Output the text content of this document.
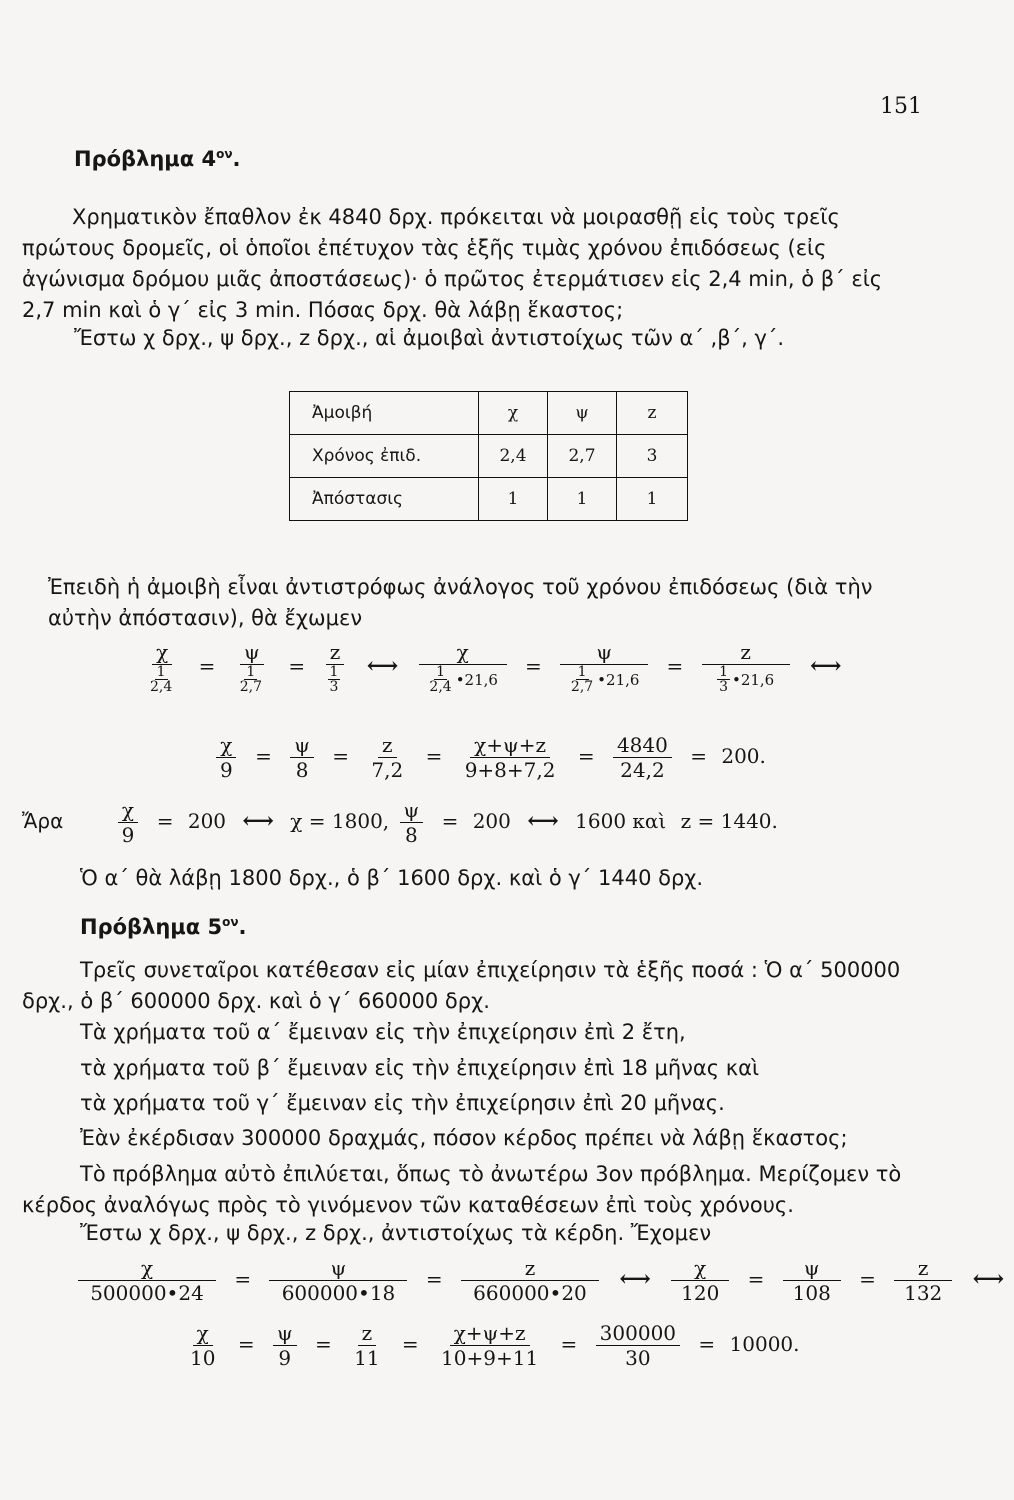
151
Πρόβλημα $4^{o\nu}$.

Χρηματικὸν ἔπαθλον ἐκ 4840 δρχ. πρόκειται νὰ μοιρασθῇ εἰς τοὺς τρεῖς πρώτους δρομεῖς, οἱ ὁποῖοι ἐπέτυχον τὰς ἑξῆς τιμὰς χρόνου ἐπιδόσεως (εἰς ἀγώνισμα δρόμου μιᾶς ἀποστάσεως)· ὁ πρῶτος ἐτερμάτισεν εἰς 2,4 min, ὁ β΄ εἰς 2,7 min καὶ ὁ γ΄ εἰς 3 min. Πόσας δρχ. θὰ λάβῃ ἕκαστος;

Ἔστω χ δρχ., ψ δρχ., z δρχ., αἱ ἀμοιβαὶ ἀντιστοίχως τῶν α΄ ,β΄, γ΄.
Ἀμοιβή	χ	ψ	z
Χρόνος ἐπιδ.	2,4	2,7	3
Ἀπόστασις	1	1	1

Ἐπειδὴ ἡ ἀμοιβὴ εἶναι ἀντιστρόφως ἀνάλογος τοῦ χρόνου ἐπιδόσεως (διὰ τὴν αὐτὴν ἀπόστασιν), θὰ ἔχωμεν

$\frac{\chi}{\frac{1}{2,4}} = \frac{\psi}{\frac{1}{2,7}} = \frac{z}{\frac{1}{3}}$ ⟷ $\frac{\chi}{\frac{1}{2,4} •21,6} = \frac{\psi}{\frac{1}{2,7} •21,6} = \frac{z}{\frac{1}{3} •21,6}$ ⟷
$\frac{\chi}{9} = \frac{\psi}{8} = \frac{z}{7,2} = \frac{\chi+\psi+z}{9+8+7,2} = \frac{4840}{24,2} = 200$.
Ἄρα	$\frac{\chi}{9} = 200$ ⟷ χ = 1800, $\frac{\psi}{8} = 200$ ⟷ 1600 καὶ z = 1440.
Ὁ α΄ θὰ λάβῃ 1800 δρχ., ὁ β΄ 1600 δρχ. καὶ ὁ γ΄ 1440 δρχ.
Πρόβλημα $5^{o\nu}$.

Τρεῖς συνεταῖροι κατέθεσαν εἰς μίαν ἐπιχείρησιν τὰ ἑξῆς ποσά : Ὁ α΄ 500000 δρχ., ὁ β΄ 600000 δρχ. καὶ ὁ γ΄ 660000 δρχ.

Τὰ χρήματα τοῦ α΄ ἔμειναν εἰς τὴν ἐπιχείρησιν ἐπὶ 2 ἔτη,
τὰ χρήματα τοῦ β΄ ἔμειναν εἰς τὴν ἐπιχείρησιν ἐπὶ 18 μῆνας καὶ
τὰ χρήματα τοῦ γ΄ ἔμειναν εἰς τὴν ἐπιχείρησιν ἐπὶ 20 μῆνας.
Ἐὰν ἐκέρδισαν 300000 δραχμάς, πόσον κέρδος πρέπει νὰ λάβῃ ἕκαστος;

Τὸ πρόβλημα αὐτὸ ἐπιλύεται, ὅπως τὸ ἀνωτέρω 3ον πρόβλημα. Μερίζομεν τὸ κέρδος ἀναλόγως πρὸς τὸ γινόμενον τῶν καταθέσεων ἐπὶ τοὺς χρόνους.

Ἔστω χ δρχ., ψ δρχ., z δρχ., ἀντιστοίχως τὰ κέρδη. Ἔχομεν
$\frac{\chi}{500000•24} = \frac{\psi}{600000•18} = \frac{z}{660000•20}$ ⟷ $\frac{\chi}{120} = \frac{\psi}{108} = \frac{z}{132}$ ⟷
$\frac{\chi}{10} = \frac{\psi}{9} = \frac{z}{11} = \frac{\chi+\psi+z}{10+9+11} = \frac{300000}{30} = 10000$.
